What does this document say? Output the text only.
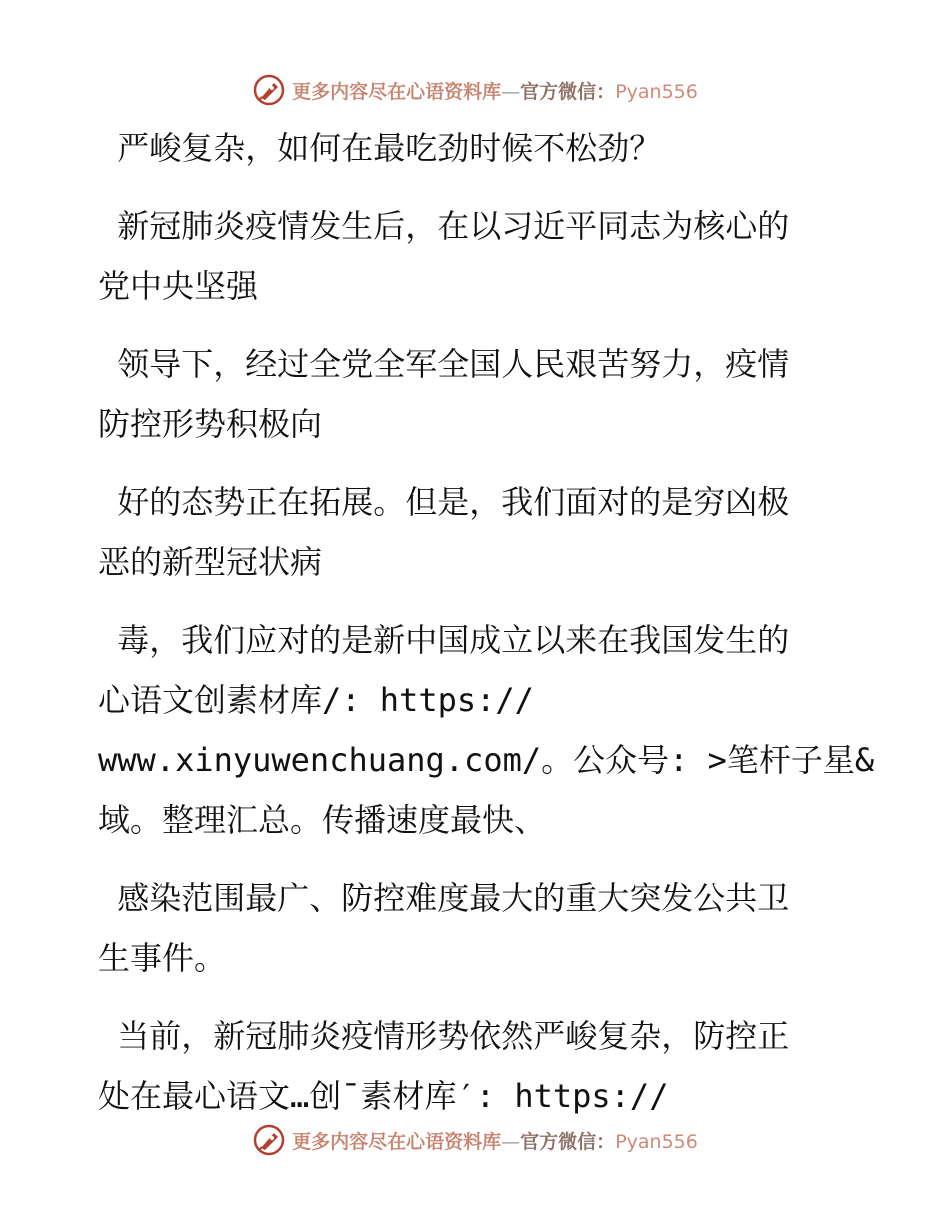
更多内容尽在心语资料库—官方微信：Pyan556
严峻复杂，如何在最吃劲时候不松劲？
新冠肺炎疫情发生后，在以习近平同志为核心的
党中央坚强
领导下，经过全党全军全国人民艰苦努力，疫情
防控形势积极向
好的态势正在拓展。但是，我们面对的是穷凶极
恶的新型冠状病
毒，我们应对的是新中国成立以来在我国发生的
心语文创素材库/: https://
www.xinyuwenchuang.com/。公众号: >笔杆子星&
域。整理汇总。传播速度最快、
感染范围最广、防控难度最大的重大突发公共卫
生事件。
当前，新冠肺炎疫情形势依然严峻复杂，防控正
处在最心语文…创¯素材库′: https://
更多内容尽在心语资料库—官方微信：Pyan556
